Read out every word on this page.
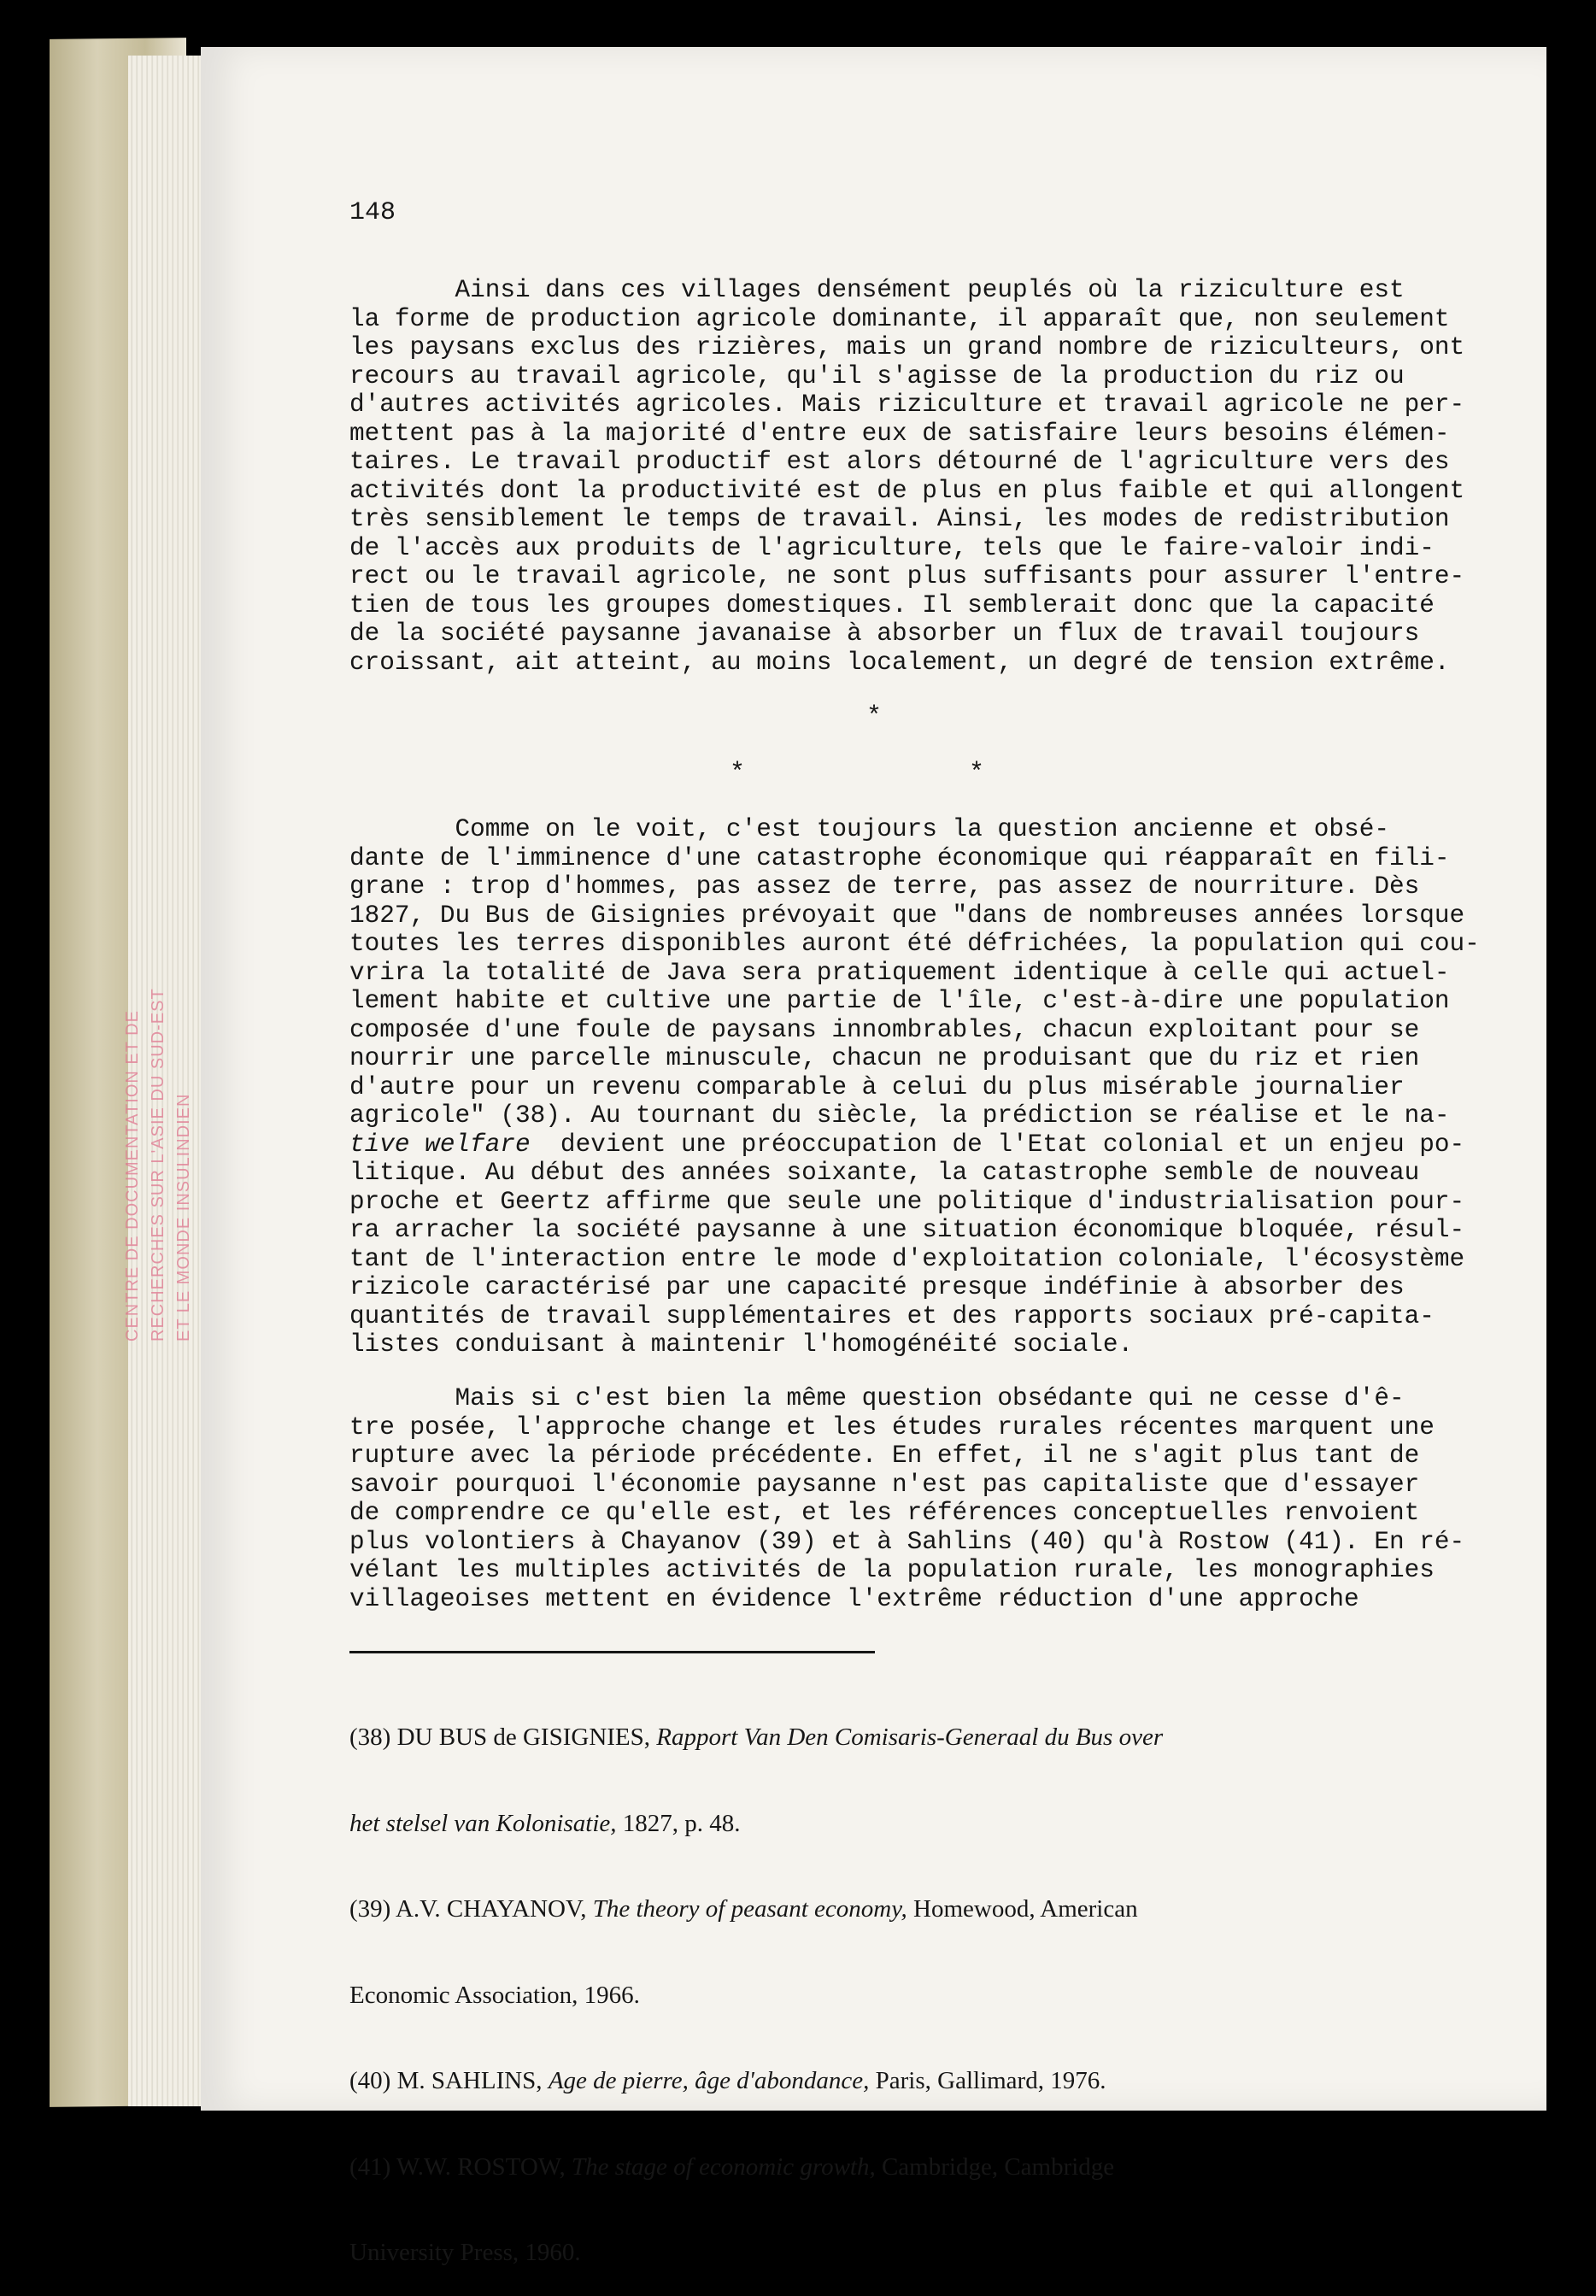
CENTRE DE DOCUMENTATION ET DE RECHERCHES SUR L'ASIE DU SUD-EST ET LE MONDE INSULINDIEN
148
Ainsi dans ces villages densément peuplés où la riziculture est
la forme de production agricole dominante, il apparaît que, non seulement
les paysans exclus des rizières, mais un grand nombre de riziculteurs, ont
recours au travail agricole, qu'il s'agisse de la production du riz ou
d'autres activités agricoles. Mais riziculture et travail agricole ne per-
mettent pas à la majorité d'entre eux de satisfaire leurs besoins élémen-
taires. Le travail productif est alors détourné de l'agriculture vers des
activités dont la productivité est de plus en plus faible et qui allongent
très sensiblement le temps de travail. Ainsi, les modes de redistribution
de l'accès aux produits de l'agriculture, tels que le faire-valoir indi-
rect ou le travail agricole, ne sont plus suffisants pour assurer l'entre-
tien de tous les groupes domestiques. Il semblerait donc que la capacité
de la société paysanne javanaise à absorber un flux de travail toujours
croissant, ait atteint, au moins localement, un degré de tension extrême.
*
*	*
Comme on le voit, c'est toujours la question ancienne et obsé-
dante de l'imminence d'une catastrophe économique qui réapparaît en fili-
grane : trop d'hommes, pas assez de terre, pas assez de nourriture. Dès
1827, Du Bus de Gisignies prévoyait que "dans de nombreuses années lorsque
toutes les terres disponibles auront été défrichées, la population qui cou-
vrira la totalité de Java sera pratiquement identique à celle qui actuel-
lement habite et cultive une partie de l'île, c'est-à-dire une population
composée d'une foule de paysans innombrables, chacun exploitant pour se
nourrir une parcelle minuscule, chacun ne produisant que du riz et rien
d'autre pour un revenu comparable à celui du plus misérable journalier
agricole" (38). Au tournant du siècle, la prédiction se réalise et le na-
tive welfare  devient une préoccupation de l'Etat colonial et un enjeu po-
litique. Au début des années soixante, la catastrophe semble de nouveau
proche et Geertz affirme que seule une politique d'industrialisation pour-
ra arracher la société paysanne à une situation économique bloquée, résul-
tant de l'interaction entre le mode d'exploitation coloniale, l'écosystème
rizicole caractérisé par une capacité presque indéfinie à absorber des
quantités de travail supplémentaires et des rapports sociaux pré-capita-
listes conduisant à maintenir l'homogénéité sociale.
Mais si c'est bien la même question obsédante qui ne cesse d'ê-
tre posée, l'approche change et les études rurales récentes marquent une
rupture avec la période précédente. En effet, il ne s'agit plus tant de
savoir pourquoi l'économie paysanne n'est pas capitaliste que d'essayer
de comprendre ce qu'elle est, et les références conceptuelles renvoient
plus volontiers à Chayanov (39) et à Sahlins (40) qu'à Rostow (41). En ré-
vélant les multiples activités de la population rurale, les monographies
villageoises mettent en évidence l'extrême réduction d'une approche

(38) DU BUS de GISIGNIES, Rapport Van Den Comisaris-Generaal du Bus over

het stelsel van Kolonisatie, 1827, p. 48.

(39) A.V. CHAYANOV, The theory of peasant economy, Homewood, American

Economic Association, 1966.

(40) M. SAHLINS, Age de pierre, âge d'abondance, Paris, Gallimard, 1976.

(41) W.W. ROSTOW, The stage of economic growth, Cambridge, Cambridge

University Press, 1960.
